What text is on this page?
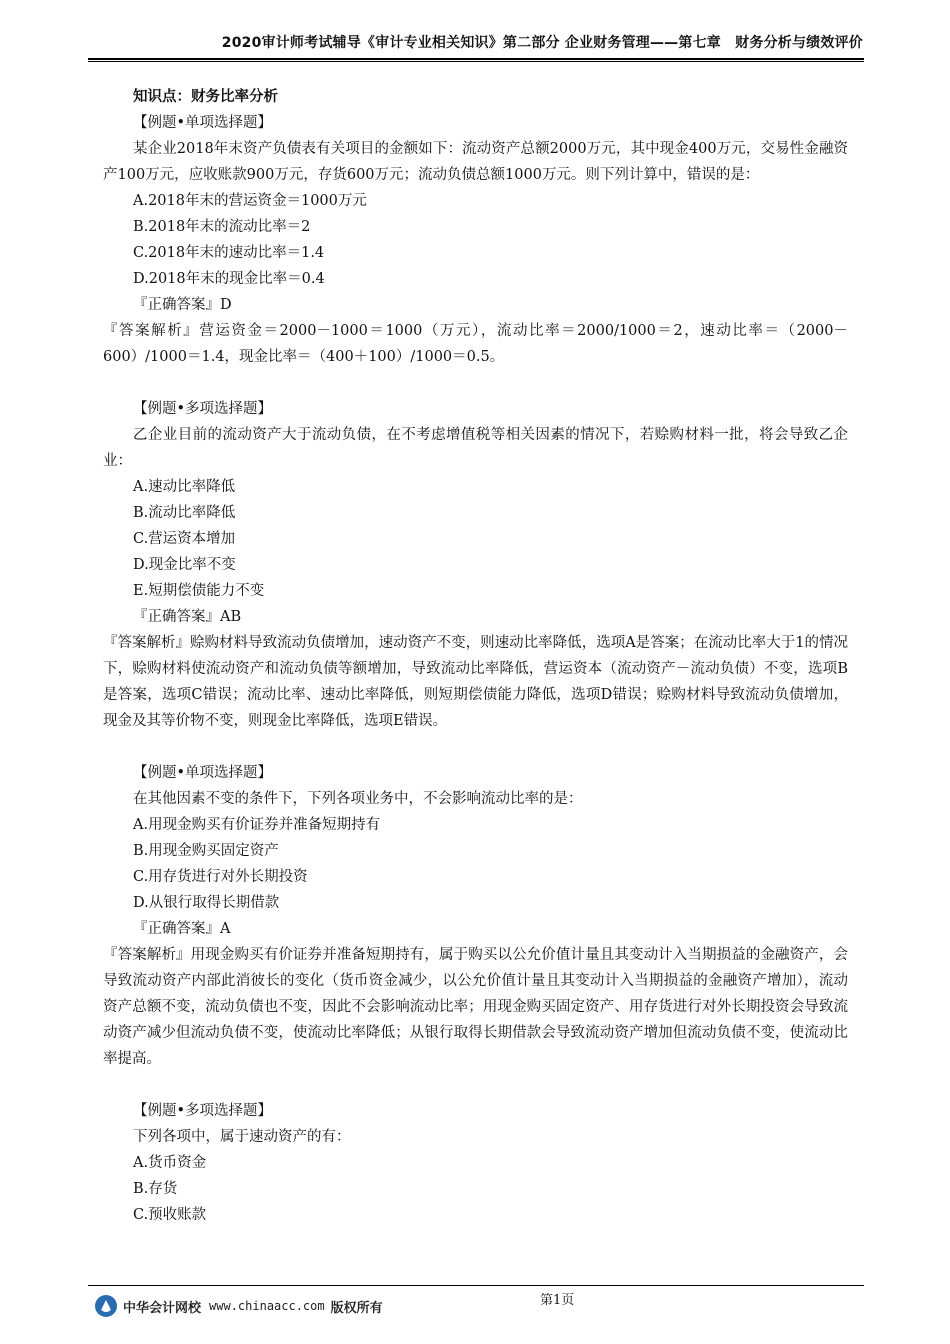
2020审计师考试辅导《审计专业相关知识》第二部分 企业财务管理——第七章　财务分析与绩效评价
知识点：财务比率分析
【例题•单项选择题】
某企业2018年末资产负债表有关项目的金额如下：流动资产总额2000万元，其中现金400万元，交易性金融资产100万元，应收账款900万元，存货600万元；流动负债总额1000万元。则下列计算中，错误的是：
A.2018年末的营运资金＝1000万元
B.2018年末的流动比率＝2
C.2018年末的速动比率＝1.4
D.2018年末的现金比率＝0.4
『正确答案』D
『答案解析』营运资金＝2000－1000＝1000（万元），流动比率＝2000/1000＝2，速动比率＝（2000－600）/1000＝1.4，现金比率＝（400＋100）/1000＝0.5。
【例题•多项选择题】
乙企业目前的流动资产大于流动负债，在不考虑增值税等相关因素的情况下，若赊购材料一批，将会导致乙企业：
A.速动比率降低
B.流动比率降低
C.营运资本增加
D.现金比率不变
E.短期偿债能力不变
『正确答案』AB
『答案解析』赊购材料导致流动负债增加，速动资产不变，则速动比率降低，选项A是答案；在流动比率大于1的情况下，赊购材料使流动资产和流动负债等额增加，导致流动比率降低，营运资本（流动资产－流动负债）不变，选项B是答案，选项C错误；流动比率、速动比率降低，则短期偿债能力降低，选项D错误；赊购材料导致流动负债增加，现金及其等价物不变，则现金比率降低，选项E错误。
【例题•单项选择题】
在其他因素不变的条件下，下列各项业务中，不会影响流动比率的是：
A.用现金购买有价证券并准备短期持有
B.用现金购买固定资产
C.用存货进行对外长期投资
D.从银行取得长期借款
『正确答案』A
『答案解析』用现金购买有价证券并准备短期持有，属于购买以公允价值计量且其变动计入当期损益的金融资产，会导致流动资产内部此消彼长的变化（货币资金减少，以公允价值计量且其变动计入当期损益的金融资产增加），流动资产总额不变，流动负债也不变，因此不会影响流动比率；用现金购买固定资产、用存货进行对外长期投资会导致流动资产减少但流动负债不变，使流动比率降低；从银行取得长期借款会导致流动资产增加但流动负债不变，使流动比率提高。
【例题•多项选择题】
下列各项中，属于速动资产的有：
A.货币资金
B.存货
C.预收账款
第1页
中华会计网校 www.chinaacc.com 版权所有
